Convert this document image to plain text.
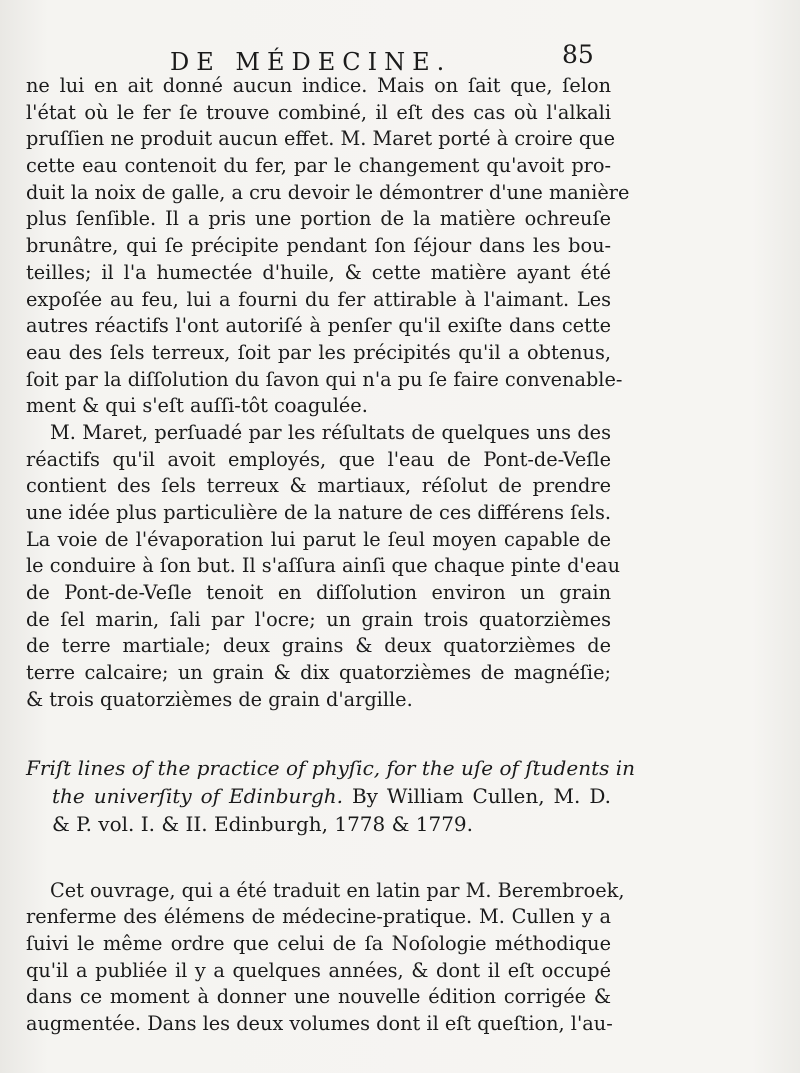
DE MÉDECINE.	85
ne lui en ait donné aucun indice. Mais on ſait que, ſelon
l'état où le fer ſe trouve combiné, il eſt des cas où l'alkali
pruſſien ne produit aucun effet. M. Maret porté à croire que
cette eau contenoit du fer, par le changement qu'avoit pro-
duit la noix de galle, a cru devoir le démontrer d'une manière
plus ſenſible. Il a pris une portion de la matière ochreuſe
brunâtre, qui ſe précipite pendant ſon ſéjour dans les bou-
teilles; il l'a humectée d'huile, & cette matière ayant été
expoſée au feu, lui a fourni du fer attirable à l'aimant. Les
autres réactifs l'ont autoriſé à penſer qu'il exiſte dans cette
eau des ſels terreux, ſoit par les précipités qu'il a obtenus,
ſoit par la diſſolution du ſavon qui n'a pu ſe faire convenable-
ment & qui s'eſt auſſi-tôt coagulée.
M. Maret, perſuadé par les réſultats de quelques uns des
réactifs qu'il avoit employés, que l'eau de Pont-de-Veſle
contient des ſels terreux & martiaux, réſolut de prendre
une idée plus particulière de la nature de ces différens ſels.
La voie de l'évaporation lui parut le ſeul moyen capable de
le conduire à ſon but. Il s'aſſura ainſi que chaque pinte d'eau
de Pont-de-Veſle tenoit en diſſolution environ un grain
de ſel marin, ſali par l'ocre; un grain trois quatorzièmes
de terre martiale; deux grains & deux quatorzièmes de
terre calcaire; un grain & dix quatorzièmes de magnéſie;
& trois quatorzièmes de grain d'argille.
Friſt lines of the practice of phyſic, for the uſe of ſtudents in
the univerſity of Edinburgh. By William Cullen, M. D.
& P. vol. I. & II. Edinburgh, 1778 & 1779.
Cet ouvrage, qui a été traduit en latin par M. Berembroek,
renferme des élémens de médecine-pratique. M. Cullen y a
ſuivi le même ordre que celui de ſa Noſologie méthodique
qu'il a publiée il y a quelques années, & dont il eſt occupé
dans ce moment à donner une nouvelle édition corrigée &
augmentée. Dans les deux volumes dont il eſt queſtion, l'au-
